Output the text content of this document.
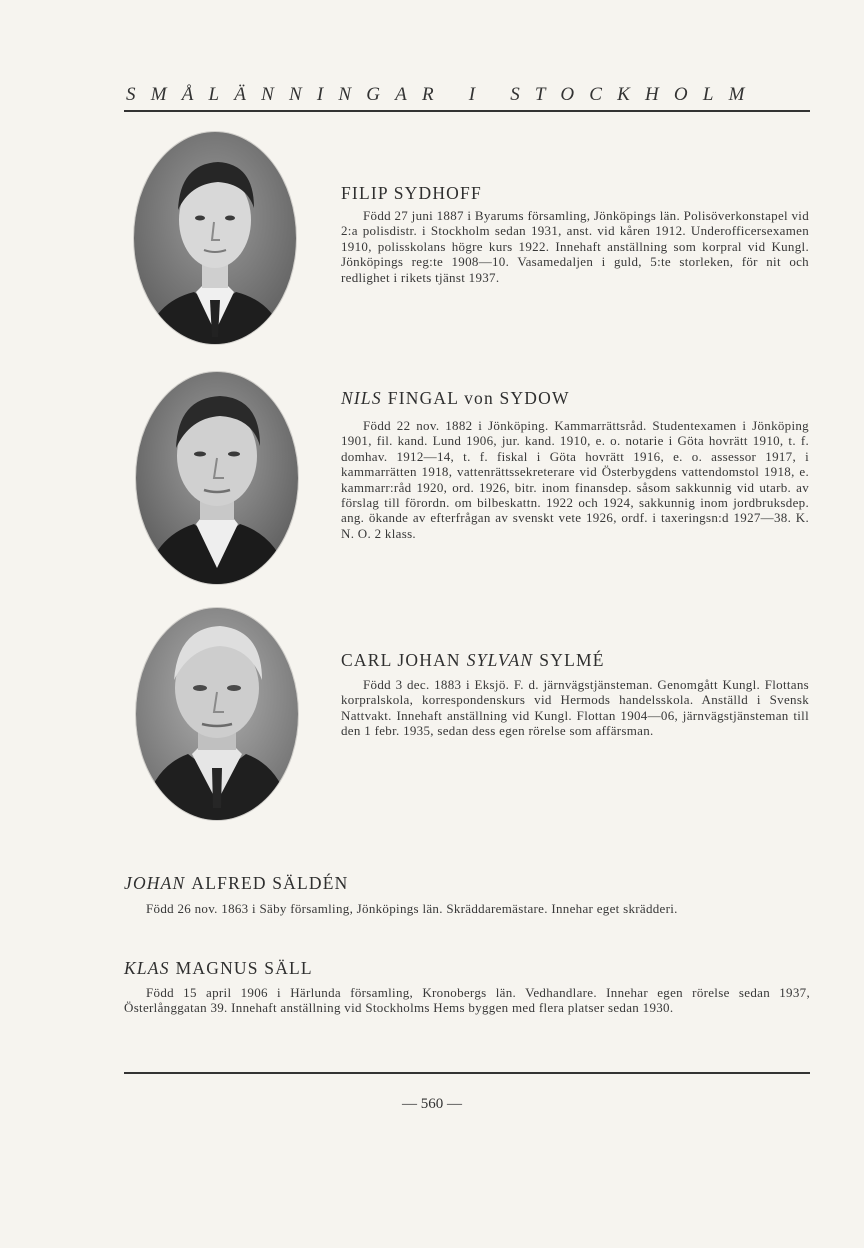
SMÅLÄNNINGAR I STOCKHOLM
FILIP SYDHOFF

Född 27 juni 1887 i Byarums församling, Jönköpings län. Polisöverkonstapel vid 2:a polisdistr. i Stockholm sedan 1931, anst. vid kåren 1912. Underofficersexamen 1910, polisskolans högre kurs 1922. Innehaft anställning som korpral vid Kungl. Jönköpings reg:te 1908—10. Vasamedaljen i guld, 5:te storleken, för nit och redlighet i rikets tjänst 1937.

NILS FINGAL von SYDOW

Född 22 nov. 1882 i Jönköping. Kammarrättsråd. Studentexamen i Jönköping 1901, fil. kand. Lund 1906, jur. kand. 1910, e. o. notarie i Göta hovrätt 1910, t. f. domhav. 1912—14, t. f. fiskal i Göta hovrätt 1916, e. o. assessor 1917, i kammarrätten 1918, vattenrättssekreterare vid Österbygdens vattendomstol 1918, e. kammarr:råd 1920, ord. 1926, bitr. inom finansdep. såsom sakkunnig vid utarb. av förslag till förordn. om bilbeskattn. 1922 och 1924, sakkunnig inom jordbruksdep. ang. ökande av efterfrågan av svenskt vete 1926, ordf. i taxeringsn:d 1927—38. K. N. O. 2 klass.

CARL JOHAN SYLVAN SYLMÉ

Född 3 dec. 1883 i Eksjö. F. d. järnvägstjänsteman. Genomgått Kungl. Flottans korpralskola, korrespondenskurs vid Hermods handelsskola. Anställd i Svensk Nattvakt. Innehaft anställning vid Kungl. Flottan 1904—06, järnvägstjänsteman till den 1 febr. 1935, sedan dess egen rörelse som affärsman.

JOHAN ALFRED SÄLDÉN

Född 26 nov. 1863 i Säby församling, Jönköpings län. Skräddaremästare. Innehar eget skrädderi.

KLAS MAGNUS SÄLL

Född 15 april 1906 i Härlunda församling, Kronobergs län. Vedhandlare. Innehar egen rörelse sedan 1937, Österlånggatan 39. Innehaft anställning vid Stockholms Hems byggen med flera platser sedan 1930.

— 560 —
